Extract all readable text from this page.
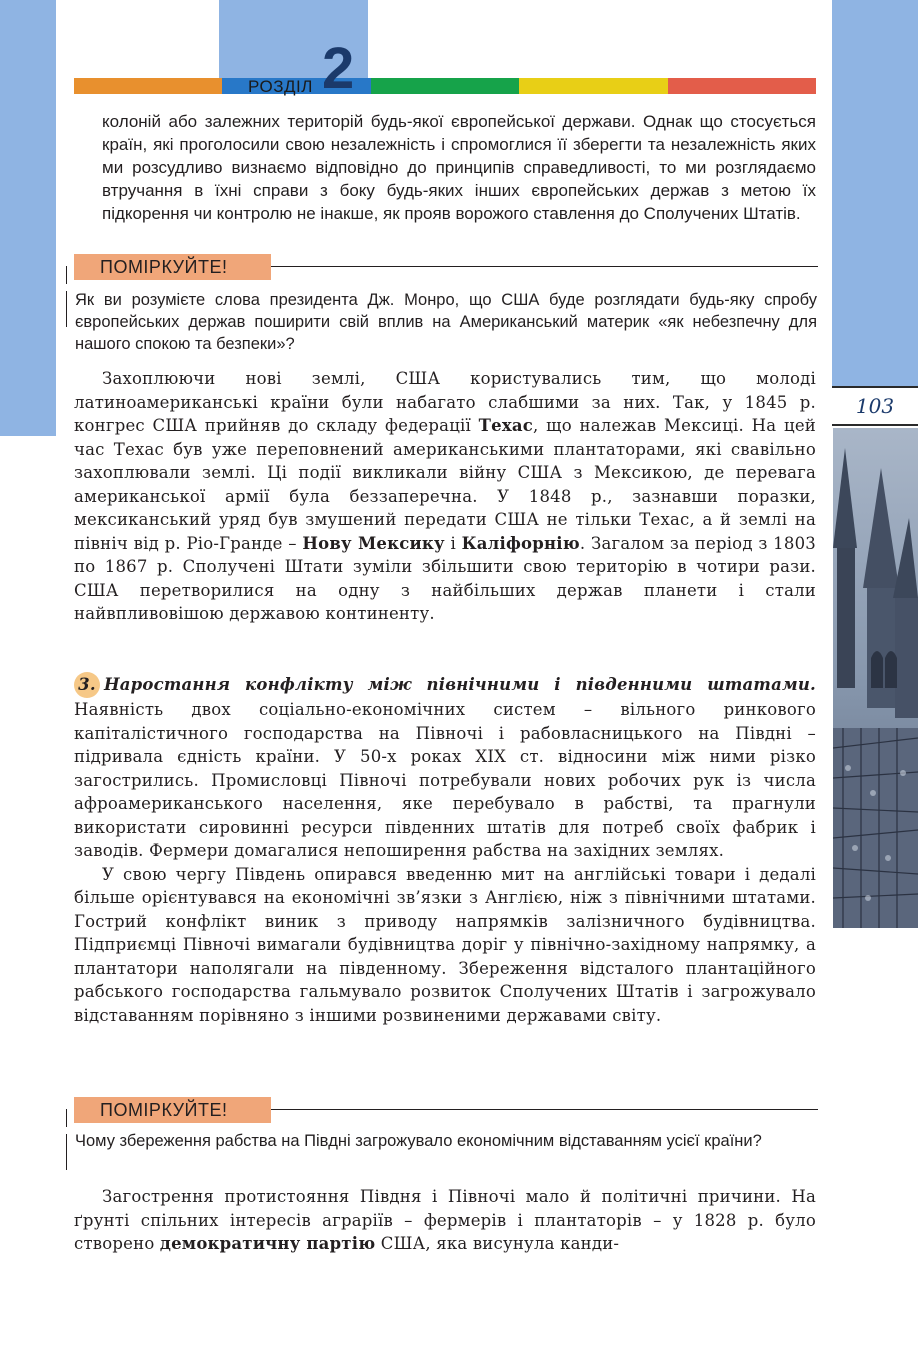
РОЗДІЛ 2
103
колоній або залежних територій будь-якої європейської держави. Однак що стосується країн, які проголосили свою незалежність і спромоглися її зберегти та незалежність яких ми розсудливо визнаємо відповідно до принципів справедливості, то ми розглядаємо втручання в їхні справи з боку будь-яких інших європейських держав з метою їх підкорення чи контролю не інакше, як прояв ворожого ставлення до Сполучених Штатів.
ПОМІРКУЙТЕ!
Як ви розумієте слова президента Дж. Монро, що США буде розглядати будь-яку спробу європейських держав поширити свій вплив на Американський материк «як небезпечну для нашого спокою та безпеки»?

Захоплюючи нові землі, США користувались тим, що молоді латиноамериканські країни були набагато слабшими за них. Так, у 1845 р. конгрес США прийняв до складу федерації Техас, що належав Мексиці. На цей час Техас був уже переповнений американськими плантаторами, які свавільно захоплювали землі. Ці події викликали війну США з Мексикою, де перевага американської армії була беззаперечна. У 1848 р., зазнавши поразки, мексиканський уряд був змушений передати США не тільки Техас, а й землі на північ від р. Ріо-Гранде – Нову Мексику і Каліфорнію. Загалом за період з 1803 по 1867 р. Сполучені Штати зуміли збільшити свою територію в чотири рази. США перетворилися на одну з найбільших держав планети і стали найвпливовішою державою континенту.

3. Наростання конфлікту між північними і південними штатами. Наявність двох соціально-економічних систем – вільного ринкового капіталістичного господарства на Півночі і рабовласницького на Півдні – підривала єдність країни. У 50-х роках XIX ст. відносини між ними різко загострились. Промисловці Півночі потребували нових робочих рук із числа афроамериканського населення, яке перебувало в рабстві, та прагнули використати сировинні ресурси південних штатів для потреб своїх фабрик і заводів. Фермери домагалися непоширення рабства на західних землях.

У свою чергу Південь опирався введенню мит на англійські товари і дедалі більше орієнтувався на економічні зв’язки з Англією, ніж з північними штатами. Гострий конфлікт виник з приводу напрямків залізничного будівництва. Підприємці Півночі вимагали будівництва доріг у північно-західному напрямку, а плантатори наполягали на південному. Збереження відсталого плантаційного рабського господарства гальмувало розвиток Сполучених Штатів і загрожувало відставанням порівняно з іншими розвиненими державами світу.

ПОМІРКУЙТЕ!
Чому збереження рабства на Півдні загрожувало економічним відставанням усієї країни?

Загострення протистояння Півдня і Півночі мало й політичні причини. На ґрунті спільних інтересів аграріїв – фермерів і плантаторів – у 1828 р. було створено демократичну партію США, яка висунула канди-
